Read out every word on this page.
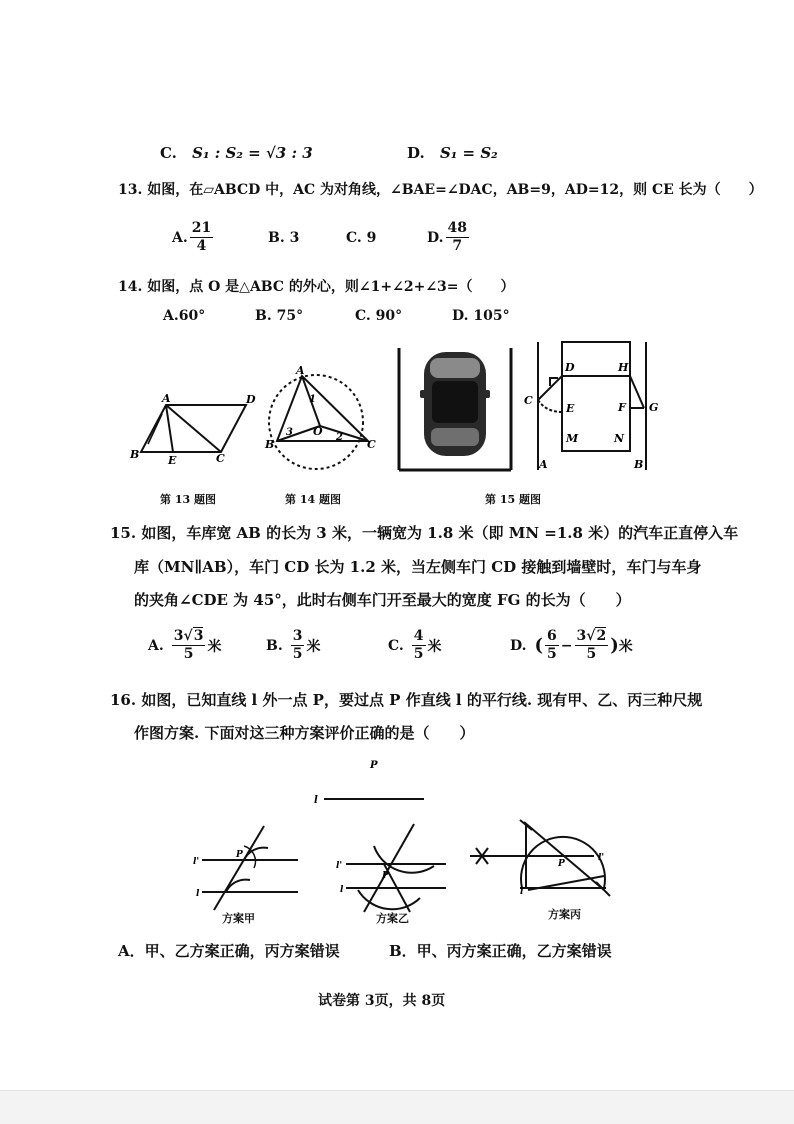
C. S₁ : S₂ = √3 : 3	D. S₁ = S₂
13. 如图，在▱ABCD 中，AC 为对角线，∠BAE=∠DAC，AB=9，AD=12，则 CE 长为（　　）
A. $\frac{21}{4}$	B. 3	C. 9	D. $\frac{48}{7}$
14. 如图，点 O 是△ABC 的外心，则∠1+∠2+∠3=（　　）
A.60°	B. 75°	C. 90°	D. 105°
A	D
B	E	C
A
B	C
O
1
2
3
D	H
C
E	F G
M	N
A	B
第 13 题图	第 14 题图	第 15 题图
15. 如图，车库宽 AB 的长为 3 米，一辆宽为 1.8 米（即 MN =1.8 米）的汽车正直停入车
库（MN∥AB），车门 CD 长为 1.2 米，当左侧车门 CD 接触到墙壁时，车门与车身
的夹角∠CDE 为 45°，此时右侧车门开至最大的宽度 FG 的长为（　　）
A. $\frac{3√3}{5}$ 米	B. $\frac{3}{5}$ 米	C. $\frac{4}{5}$ 米	D. ( $\frac{6}{5} - \frac{3√2}{5}$ ) 米
16. 如图，已知直线 l 外一点 P，要过点 P 作直线 l 的平行线. 现有甲、乙、丙三种尺规
作图方案. 下面对这三种方案评价正确的是（　　）
P
l
P
l'
l
方案甲
P
l'
l
方案乙
P
l'
l
方案丙
A．甲、乙方案正确，丙方案错误	B．甲、丙方案正确，乙方案错误
试卷第 3页，共 8页
